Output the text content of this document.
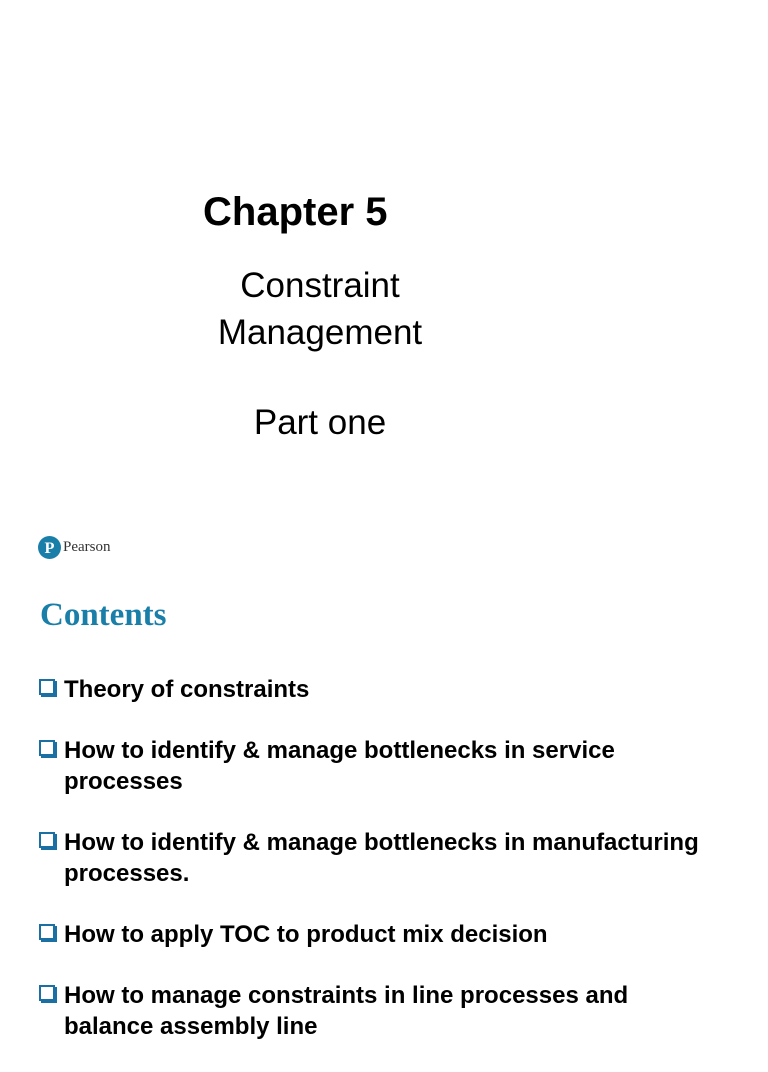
Chapter 5
Constraint Management
Part one
P Pearson
Contents
Theory of constraints
How to identify & manage bottlenecks in service processes
How to identify & manage bottlenecks in manufacturing processes.
How to apply TOC to product mix decision
How to manage constraints in line processes and balance assembly line
